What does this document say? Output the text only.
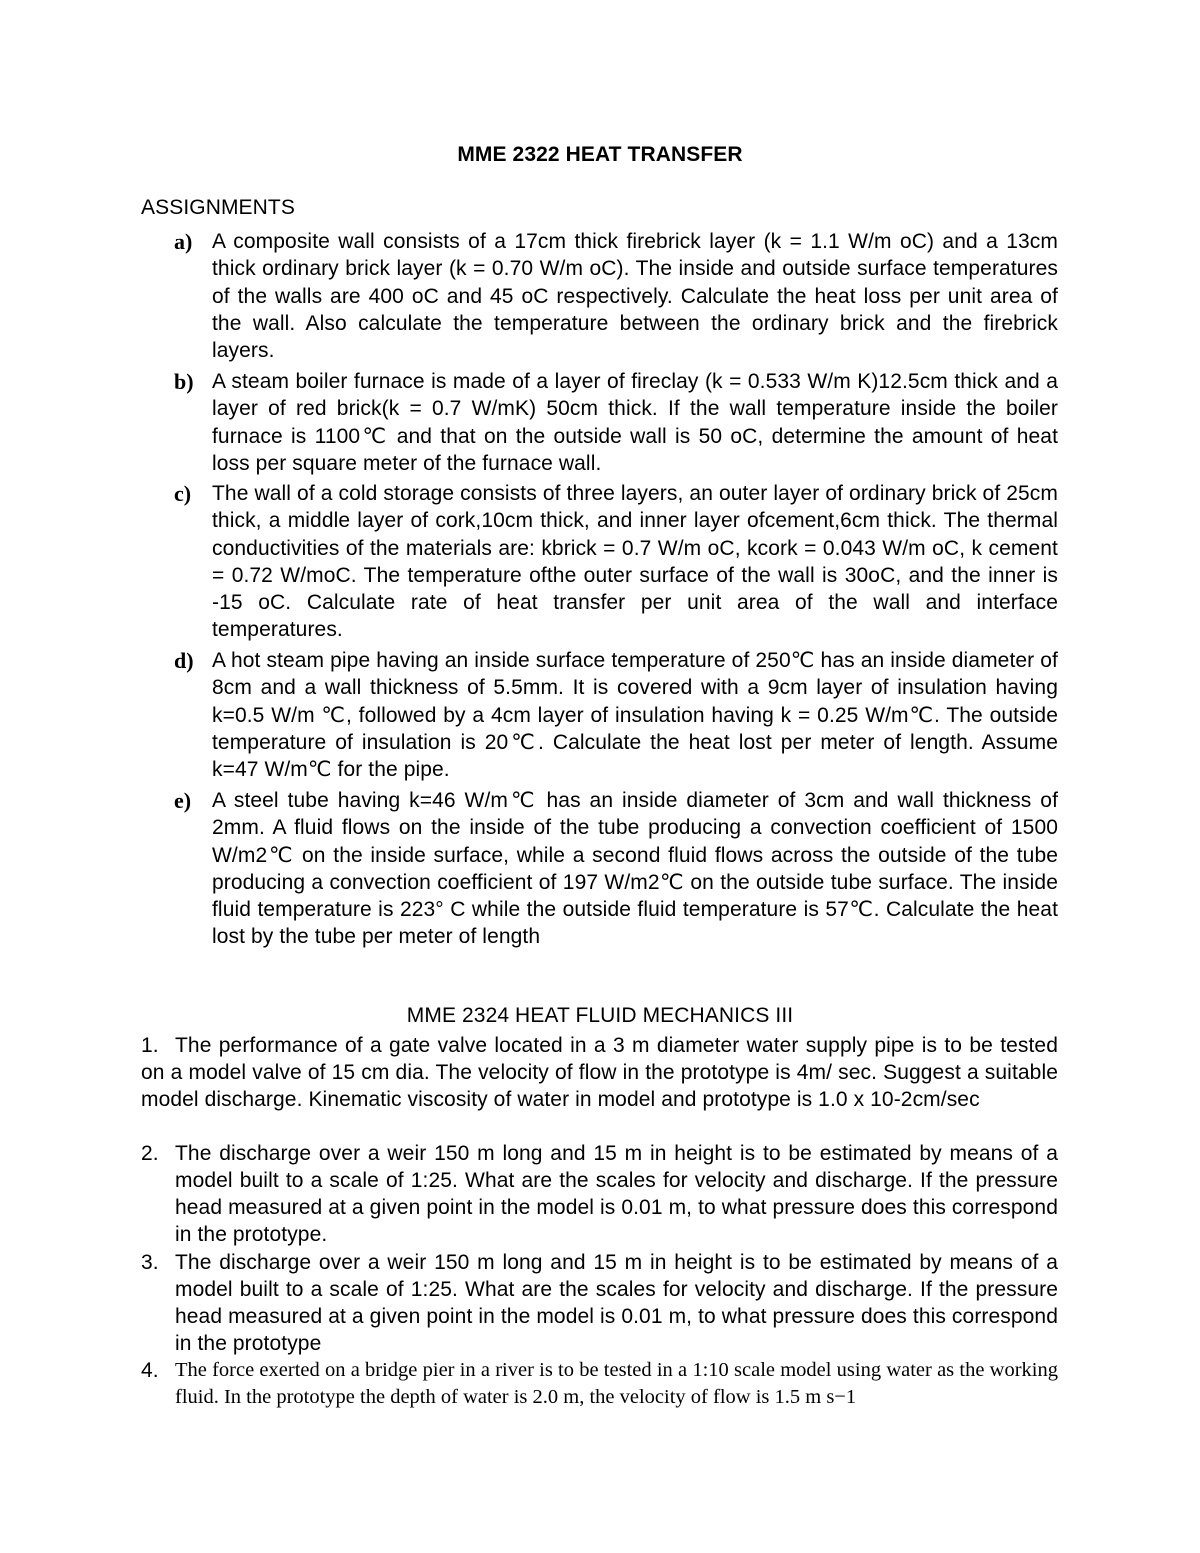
MME 2322 HEAT TRANSFER
ASSIGNMENTS
a) A composite wall consists of a 17cm thick firebrick layer (k = 1.1 W/m oC) and a 13cm thick ordinary brick layer (k = 0.70 W/m oC). The inside and outside surface temperatures of the walls are 400 oC and 45 oC respectively. Calculate the heat loss per unit area of the wall. Also calculate the temperature between the ordinary brick and the firebrick layers.
b) A steam boiler furnace is made of a layer of fireclay (k = 0.533 W/m K)12.5cm thick and a layer of red brick(k = 0.7 W/mK) 50cm thick. If the wall temperature inside the boiler furnace is 1100℃ and that on the outside wall is 50 oC, determine the amount of heat loss per square meter of the furnace wall.
c) The wall of a cold storage consists of three layers, an outer layer of ordinary brick of 25cm thick, a middle layer of cork,10cm thick, and inner layer ofcement,6cm thick. The thermal conductivities of the materials are: kbrick = 0.7 W/m oC, kcork = 0.043 W/m oC, k cement = 0.72 W/moC. The temperature ofthe outer surface of the wall is 30oC, and the inner is -15 oC. Calculate rate of heat transfer per unit area of the wall and interface temperatures.
d) A hot steam pipe having an inside surface temperature of 250℃ has an inside diameter of 8cm and a wall thickness of 5.5mm. It is covered with a 9cm layer of insulation having k=0.5 W/m ℃, followed by a 4cm layer of insulation having k = 0.25 W/m℃. The outside temperature of insulation is 20℃. Calculate the heat lost per meter of length. Assume k=47 W/m℃ for the pipe.
e) A steel tube having k=46 W/m℃ has an inside diameter of 3cm and wall thickness of 2mm. A fluid flows on the inside of the tube producing a convection coefficient of 1500 W/m2℃ on the inside surface, while a second fluid flows across the outside of the tube producing a convection coefficient of 197 W/m2℃ on the outside tube surface. The inside fluid temperature is 223° C while the outside fluid temperature is 57℃. Calculate the heat lost by the tube per meter of length
MME 2324 HEAT FLUID MECHANICS III
1. The performance of a gate valve located in a 3 m diameter water supply pipe is to be tested on a model valve of 15 cm dia. The velocity of flow in the prototype is 4m/ sec. Suggest a suitable model discharge. Kinematic viscosity of water in model and prototype is 1.0 x 10-2cm/sec
2. The discharge over a weir 150 m long and 15 m in height is to be estimated by means of a model built to a scale of 1:25. What are the scales for velocity and discharge. If the pressure head measured at a given point in the model is 0.01 m, to what pressure does this correspond in the prototype.
3. The discharge over a weir 150 m long and 15 m in height is to be estimated by means of a model built to a scale of 1:25. What are the scales for velocity and discharge. If the pressure head measured at a given point in the model is 0.01 m, to what pressure does this correspond in the prototype
4. The force exerted on a bridge pier in a river is to be tested in a 1:10 scale model using water as the working fluid. In the prototype the depth of water is 2.0 m, the velocity of flow is 1.5 m s−1
